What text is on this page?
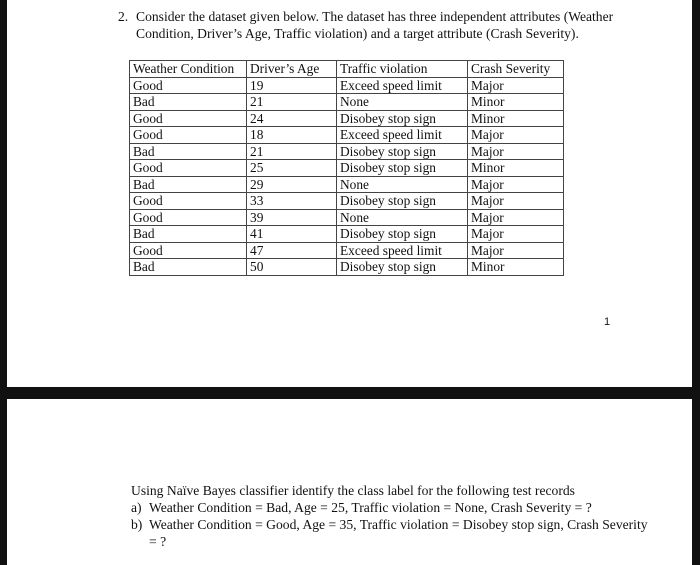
2. Consider the dataset given below. The dataset has three independent attributes (Weather Condition, Driver’s Age, Traffic violation) and a target attribute (Crash Severity).
Weather Condition	Driver’s Age	Traffic violation	Crash Severity
Good	19	Exceed speed limit	Major
Bad	21	None	Minor
Good	24	Disobey stop sign	Minor
Good	18	Exceed speed limit	Major
Bad	21	Disobey stop sign	Major
Good	25	Disobey stop sign	Minor
Bad	29	None	Major
Good	33	Disobey stop sign	Major
Good	39	None	Major
Bad	41	Disobey stop sign	Major
Good	47	Exceed speed limit	Major
Bad	50	Disobey stop sign	Minor
1
Using Naïve Bayes classifier identify the class label for the following test records
a) Weather Condition = Bad, Age = 25, Traffic violation = None, Crash Severity = ?
b) Weather Condition = Good, Age = 35, Traffic violation = Disobey stop sign, Crash Severity = ?
